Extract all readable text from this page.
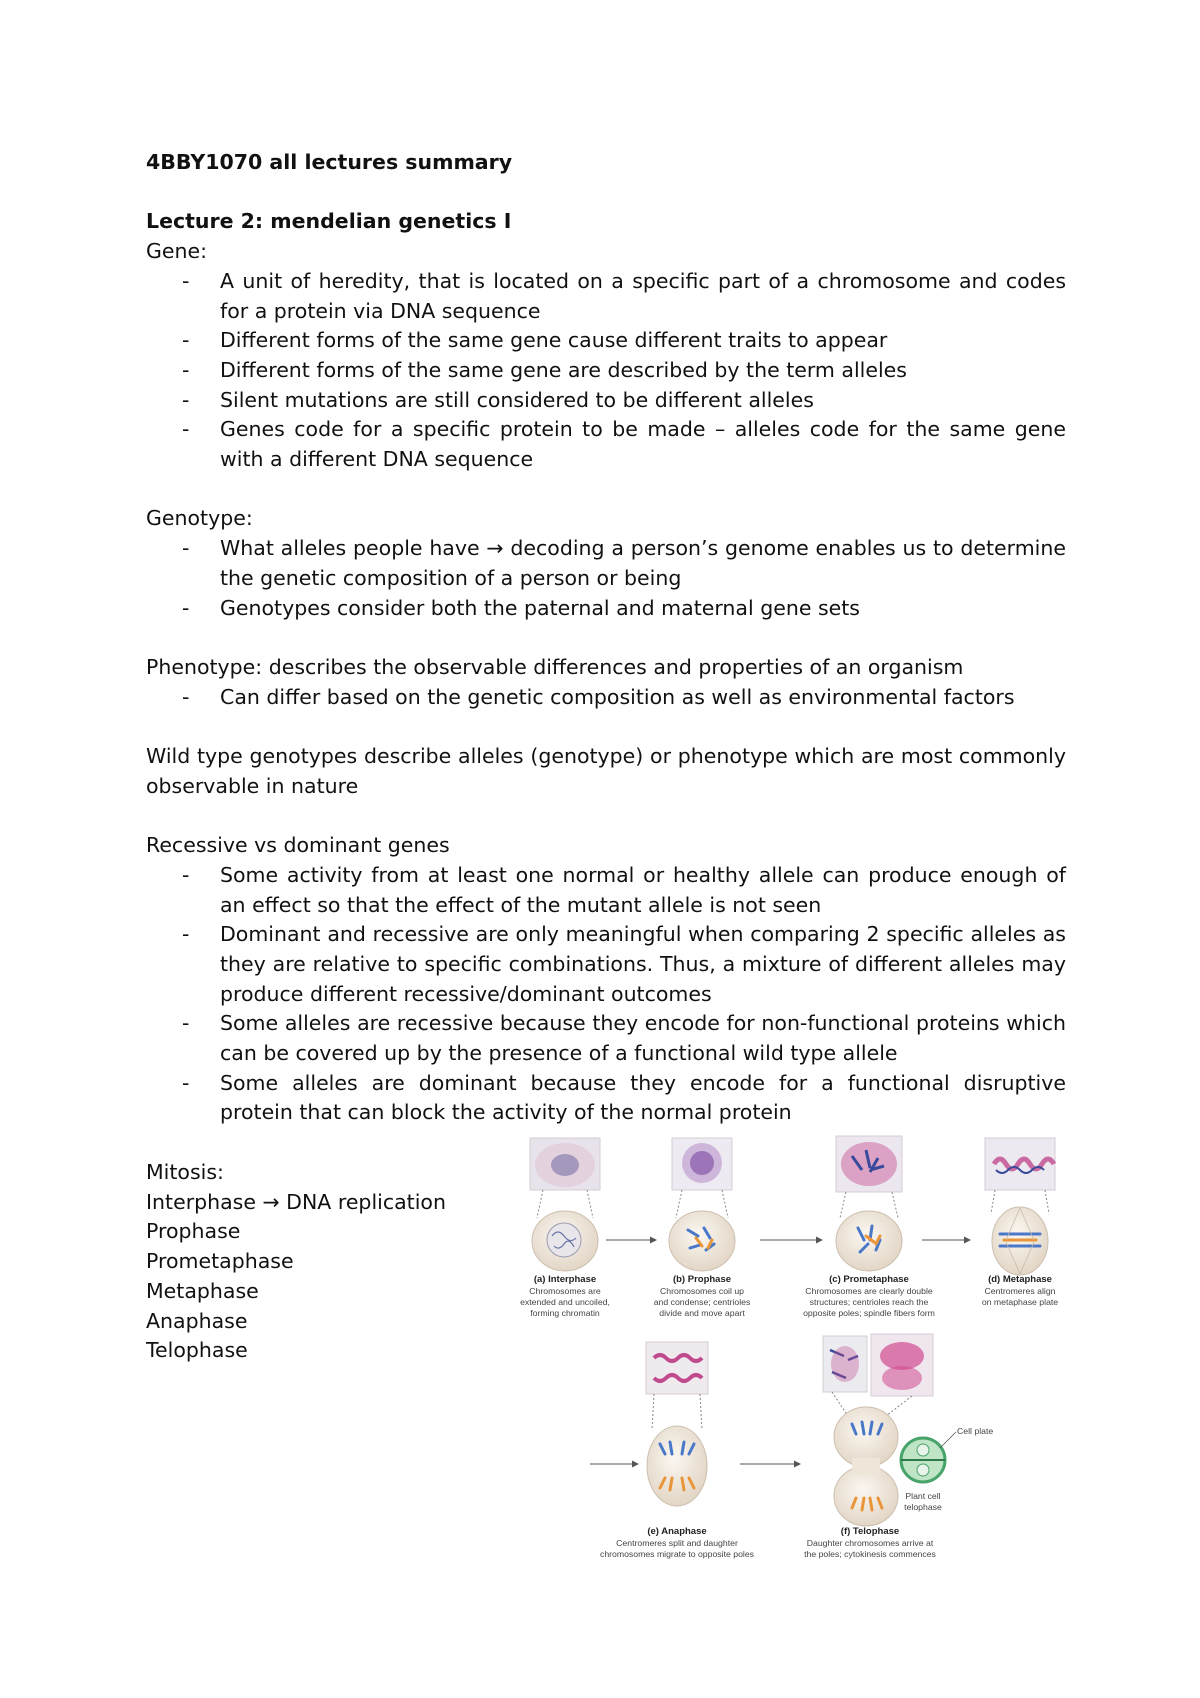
4BBY1070 all lectures summary

Lecture 2: mendelian genetics I

Gene:

- A unit of heredity, that is located on a specific part of a chromosome and codes for a protein via DNA sequence
- Different forms of the same gene cause different traits to appear
- Different forms of the same gene are described by the term alleles
- Silent mutations are still considered to be different alleles
- Genes code for a specific protein to be made – alleles code for the same gene with a different DNA sequence

Genotype:

- What alleles people have → decoding a person’s genome enables us to determine the genetic composition of a person or being
- Genotypes consider both the paternal and maternal gene sets

Phenotype: describes the observable differences and properties of an organism

- Can differ based on the genetic composition as well as environmental factors

Wild type genotypes describe alleles (genotype) or phenotype which are most commonly observable in nature

Recessive vs dominant genes

- Some activity from at least one normal or healthy allele can produce enough of an effect so that the effect of the mutant allele is not seen
- Dominant and recessive are only meaningful when comparing 2 specific alleles as they are relative to specific combinations. Thus, a mixture of different alleles may produce different recessive/dominant outcomes
- Some alleles are recessive because they encode for non-functional proteins which can be covered up by the presence of a functional wild type allele
- Some alleles are dominant because they encode for a functional disruptive protein that can block the activity of the normal protein

Mitosis:

Interphase → DNA replication

Prophase

Prometaphase

Metaphase

Anaphase

Telophase

(a) Interphase
Chromosomes are
extended and uncoiled,
forming chromatin
(b) Prophase
Chromosomes coil up
and condense; centrioles
divide and move apart
(c) Prometaphase
Chromosomes are clearly double
structures; centrioles reach the
opposite poles; spindle fibers form
(d) Metaphase
Centromeres align
on metaphase plate
(e) Anaphase
Centromeres split and daughter
chromosomes migrate to opposite poles
Cell plate
Plant cell
telophase
(f) Telophase
Daughter chromosomes arrive at
the poles; cytokinesis commences
